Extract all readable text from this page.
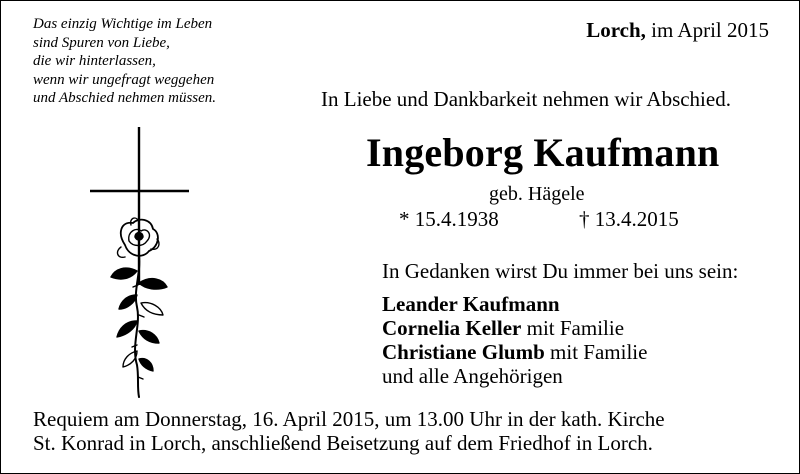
Das einzig Wichtige im Leben
sind Spuren von Liebe,
die wir hinterlassen,
wenn wir ungefragt weggehen
und Abschied nehmen müssen.
Lorch, im April 2015
In Liebe und Dankbarkeit nehmen wir Abschied.
Ingeborg Kaufmann
geb. Hägele
* 15.4.1938	† 13.4.2015
In Gedanken wirst Du immer bei uns sein:
Leander Kaufmann
Cornelia Keller mit Familie
Christiane Glumb mit Familie
und alle Angehörigen
Requiem am Donnerstag, 16. April 2015, um 13.00 Uhr in der kath. Kirche
St. Konrad in Lorch, anschließend Beisetzung auf dem Friedhof in Lorch.
